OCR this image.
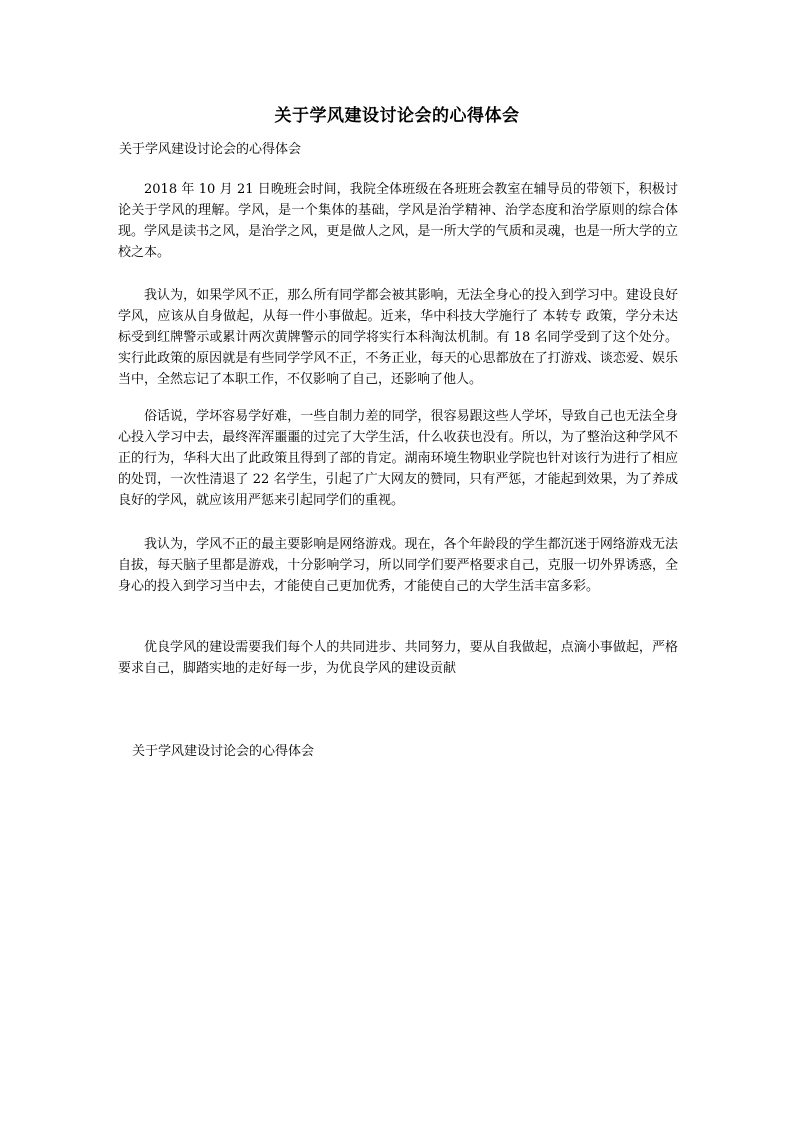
关于学风建设讨论会的心得体会
关于学风建设讨论会的心得体会

2018 年 10 月 21 日晚班会时间，我院全体班级在各班班会教室在辅导员的带领下，积极讨论关于学风的理解。学风，是一个集体的基础，学风是治学精神、治学态度和治学原则的综合体现。学风是读书之风，是治学之风，更是做人之风，是一所大学的气质和灵魂，也是一所大学的立校之本。

我认为，如果学风不正，那么所有同学都会被其影响，无法全身心的投入到学习中。建设良好学风，应该从自身做起，从每一件小事做起。近来，华中科技大学施行了 本转专 政策，学分未达标受到红牌警示或累计两次黄牌警示的同学将实行本科淘汰机制。有 18 名同学受到了这个处分。实行此政策的原因就是有些同学学风不正，不务正业，每天的心思都放在了打游戏、谈恋爱、娱乐当中，全然忘记了本职工作，不仅影响了自己，还影响了他人。

俗话说，学坏容易学好难，一些自制力差的同学，很容易跟这些人学坏，导致自己也无法全身心投入学习中去，最终浑浑噩噩的过完了大学生活，什么收获也没有。所以，为了整治这种学风不正的行为，华科大出了此政策且得到了部的肯定。湖南环境生物职业学院也针对该行为进行了相应的处罚，一次性清退了 22 名学生，引起了广大网友的赞同，只有严惩，才能起到效果，为了养成良好的学风，就应该用严惩来引起同学们的重视。

我认为，学风不正的最主要影响是网络游戏。现在，各个年龄段的学生都沉迷于网络游戏无法自拔，每天脑子里都是游戏，十分影响学习，所以同学们要严格要求自己，克服一切外界诱惑，全身心的投入到学习当中去，才能使自己更加优秀，才能使自己的大学生活丰富多彩。

优良学风的建设需要我们每个人的共同进步、共同努力，要从自我做起，点滴小事做起，严格要求自己，脚踏实地的走好每一步，为优良学风的建设贡献

关于学风建设讨论会的心得体会
